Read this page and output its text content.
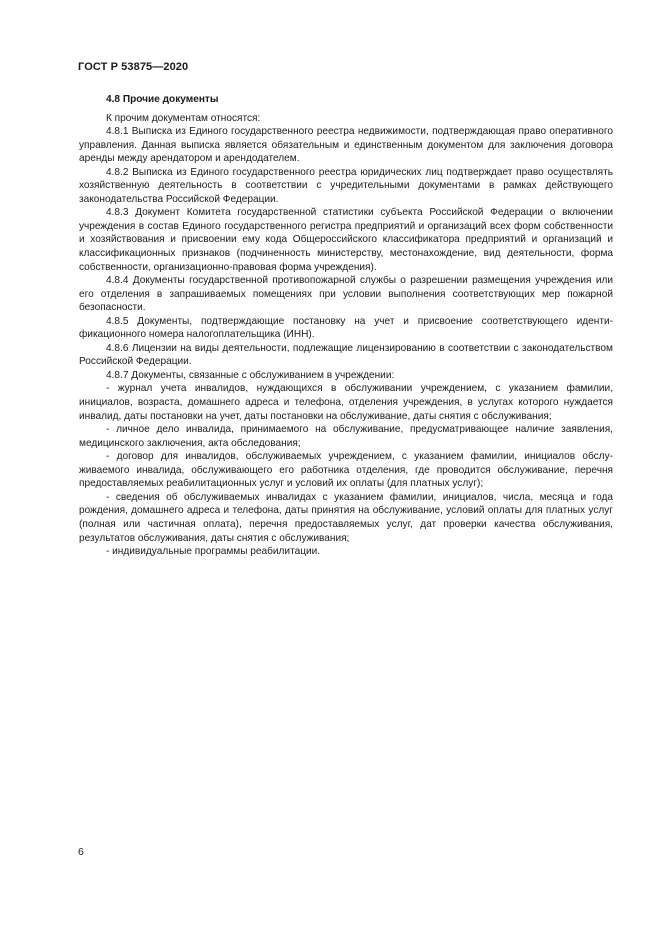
ГОСТ Р 53875—2020
4.8 Прочие документы

К прочим документам относятся:

4.8.1 Выписка из Единого государственного реестра недвижимости, подтверждающая право оперативного управления. Данная выписка является обязательным и единственным документом для заключения договора аренды между арендатором и арендодателем.

4.8.2 Выписка из Единого государственного реестра юридических лиц подтверждает право осуществлять хозяйственную деятельность в соответствии с учредительными документами в рамках действующего законодательства Российской Федерации.

4.8.3 Документ Комитета государственной статистики субъекта Российской Федерации о включении учреждения в состав Единого государственного регистра предприятий и организаций всех форм собственности и хозяйствования и присвоении ему кода Общероссийского классификатора предприятий и организаций и классификационных признаков (подчиненность министерству, местонахождение, вид деятельности, форма собственности, организационно-правовая форма учреждения).

4.8.4 Документы государственной противопожарной службы о разрешении размещения учреждения или его отделения в запрашиваемых помещениях при условии выполнения соответствующих мер пожарной безопасности.

4.8.5 Документы, подтверждающие постановку на учет и присвоение соответствующего идентификационного номера налогоплательщика (ИНН).

4.8.6 Лицензии на виды деятельности, подлежащие лицензированию в соответствии с законодательством Российской Федерации.

4.8.7 Документы, связанные с обслуживанием в учреждении:

- журнал учета инвалидов, нуждающихся в обслуживании учреждением, с указанием фамилии, инициалов, возраста, домашнего адреса и телефона, отделения учреждения, в услугах которого нуждается инвалид, даты постановки на учет, даты постановки на обслуживание, даты снятия с обслуживания;

- личное дело инвалида, принимаемого на обслуживание, предусматривающее наличие заявления, медицинского заключения, акта обследования;

- договор для инвалидов, обслуживаемых учреждением, с указанием фамилии, инициалов обслуживаемого инвалида, обслуживающего его работника отделения, где проводится обслуживание, перечня предоставляемых реабилитационных услуг и условий их оплаты (для платных услуг);

- сведения об обслуживаемых инвалидах с указанием фамилии, инициалов, числа, месяца и года рождения, домашнего адреса и телефона, даты принятия на обслуживание, условий оплаты для платных услуг (полная или частичная оплата), перечня предоставляемых услуг, дат проверки качества обслуживания, результатов обслуживания, даты снятия с обслуживания;

- индивидуальные программы реабилитации.

6
